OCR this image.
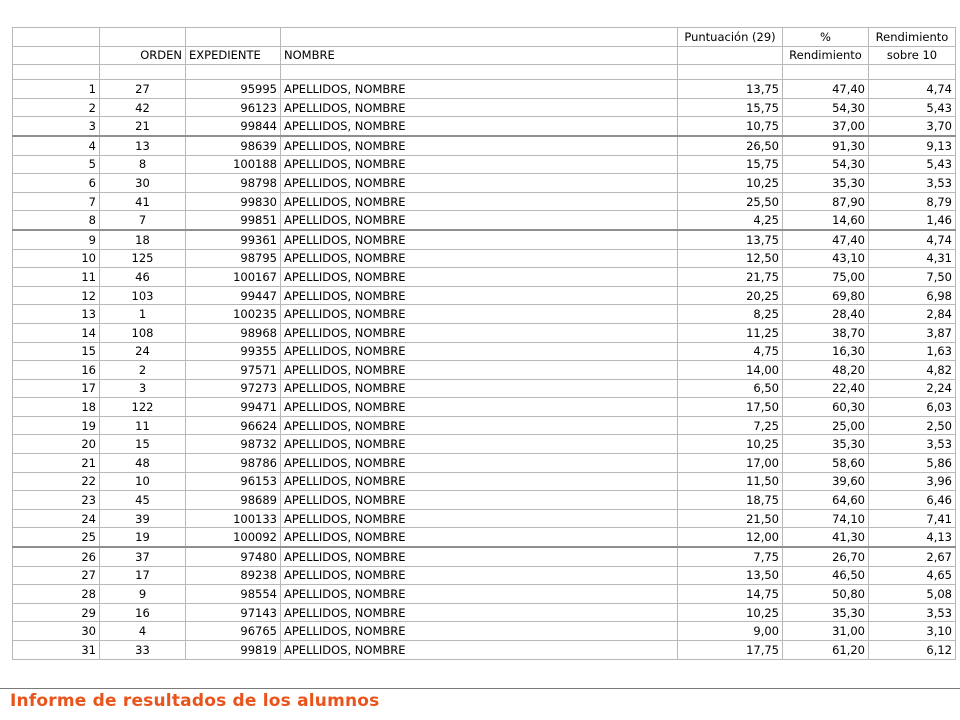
				Puntuación (29)	%	Rendimiento
	ORDEN	EXPEDIENTE	NOMBRE		Rendimiento	sobre 10

1	27	95995	APELLIDOS, NOMBRE	13,75	47,40	4,74
2	42	96123	APELLIDOS, NOMBRE	15,75	54,30	5,43
3	21	99844	APELLIDOS, NOMBRE	10,75	37,00	3,70
4	13	98639	APELLIDOS, NOMBRE	26,50	91,30	9,13
5	8	100188	APELLIDOS, NOMBRE	15,75	54,30	5,43
6	30	98798	APELLIDOS, NOMBRE	10,25	35,30	3,53
7	41	99830	APELLIDOS, NOMBRE	25,50	87,90	8,79
8	7	99851	APELLIDOS, NOMBRE	4,25	14,60	1,46
9	18	99361	APELLIDOS, NOMBRE	13,75	47,40	4,74
10	125	98795	APELLIDOS, NOMBRE	12,50	43,10	4,31
11	46	100167	APELLIDOS, NOMBRE	21,75	75,00	7,50
12	103	99447	APELLIDOS, NOMBRE	20,25	69,80	6,98
13	1	100235	APELLIDOS, NOMBRE	8,25	28,40	2,84
14	108	98968	APELLIDOS, NOMBRE	11,25	38,70	3,87
15	24	99355	APELLIDOS, NOMBRE	4,75	16,30	1,63
16	2	97571	APELLIDOS, NOMBRE	14,00	48,20	4,82
17	3	97273	APELLIDOS, NOMBRE	6,50	22,40	2,24
18	122	99471	APELLIDOS, NOMBRE	17,50	60,30	6,03
19	11	96624	APELLIDOS, NOMBRE	7,25	25,00	2,50
20	15	98732	APELLIDOS, NOMBRE	10,25	35,30	3,53
21	48	98786	APELLIDOS, NOMBRE	17,00	58,60	5,86
22	10	96153	APELLIDOS, NOMBRE	11,50	39,60	3,96
23	45	98689	APELLIDOS, NOMBRE	18,75	64,60	6,46
24	39	100133	APELLIDOS, NOMBRE	21,50	74,10	7,41
25	19	100092	APELLIDOS, NOMBRE	12,00	41,30	4,13
26	37	97480	APELLIDOS, NOMBRE	7,75	26,70	2,67
27	17	89238	APELLIDOS, NOMBRE	13,50	46,50	4,65
28	9	98554	APELLIDOS, NOMBRE	14,75	50,80	5,08
29	16	97143	APELLIDOS, NOMBRE	10,25	35,30	3,53
30	4	96765	APELLIDOS, NOMBRE	9,00	31,00	3,10
31	33	99819	APELLIDOS, NOMBRE	17,75	61,20	6,12
Informe de resultados de los alumnos
